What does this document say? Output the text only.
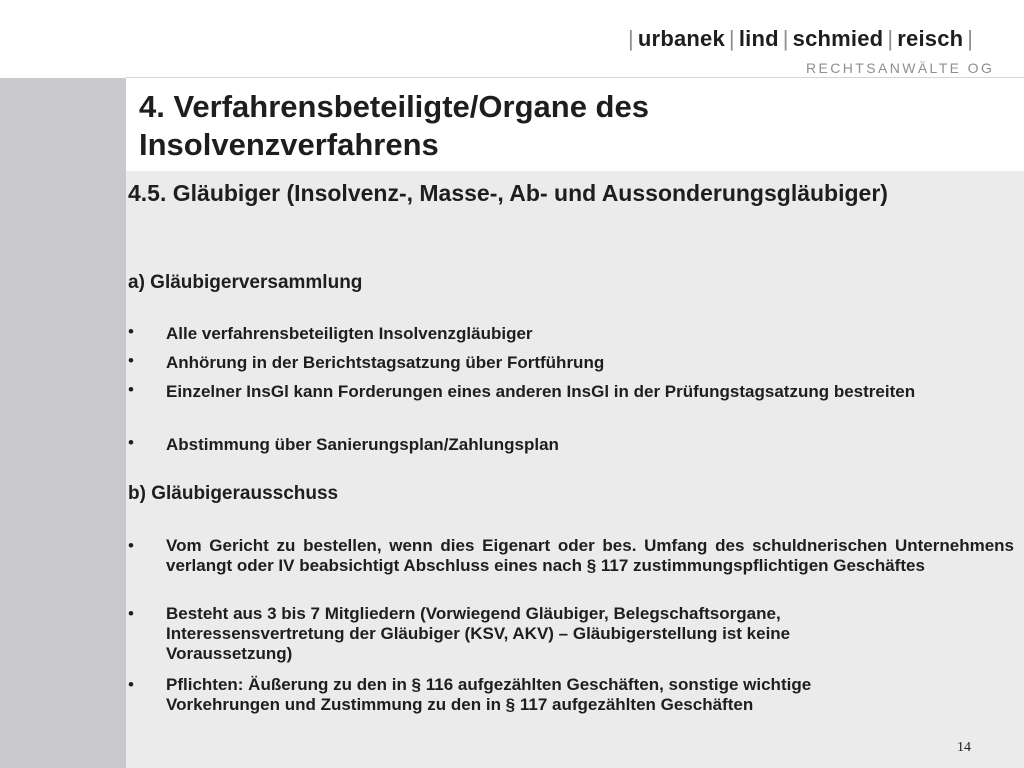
| urbanek | lind | schmied | reisch |
RECHTSANWÄLTE OG
4. Verfahrensbeteiligte/Organe des Insolvenzverfahrens
4.5. Gläubiger (Insolvenz-, Masse-, Ab- und Aussonderungsgläubiger)
a) Gläubigerversammlung
•	Alle verfahrensbeteiligten Insolvenzgläubiger
•	Anhörung in der Berichtstagsatzung über Fortführung
•	Einzelner InsGl kann Forderungen eines anderen InsGl in der Prüfungstagsatzung bestreiten
•	Abstimmung über Sanierungsplan/Zahlungsplan
b) Gläubigerausschuss
•	Vom Gericht zu bestellen, wenn dies Eigenart oder bes. Umfang des schuldnerischen Unternehmens verlangt oder IV beabsichtigt Abschluss eines nach § 117 zustimmungspflichtigen Geschäftes
•	Besteht aus 3 bis 7 Mitgliedern (Vorwiegend Gläubiger, Belegschaftsorgane, Interessensvertretung der Gläubiger (KSV, AKV) – Gläubigerstellung ist keine Voraussetzung)
•	Pflichten: Äußerung zu den in § 116 aufgezählten Geschäften, sonstige wichtige Vorkehrungen und Zustimmung zu den in § 117 aufgezählten Geschäften
14
